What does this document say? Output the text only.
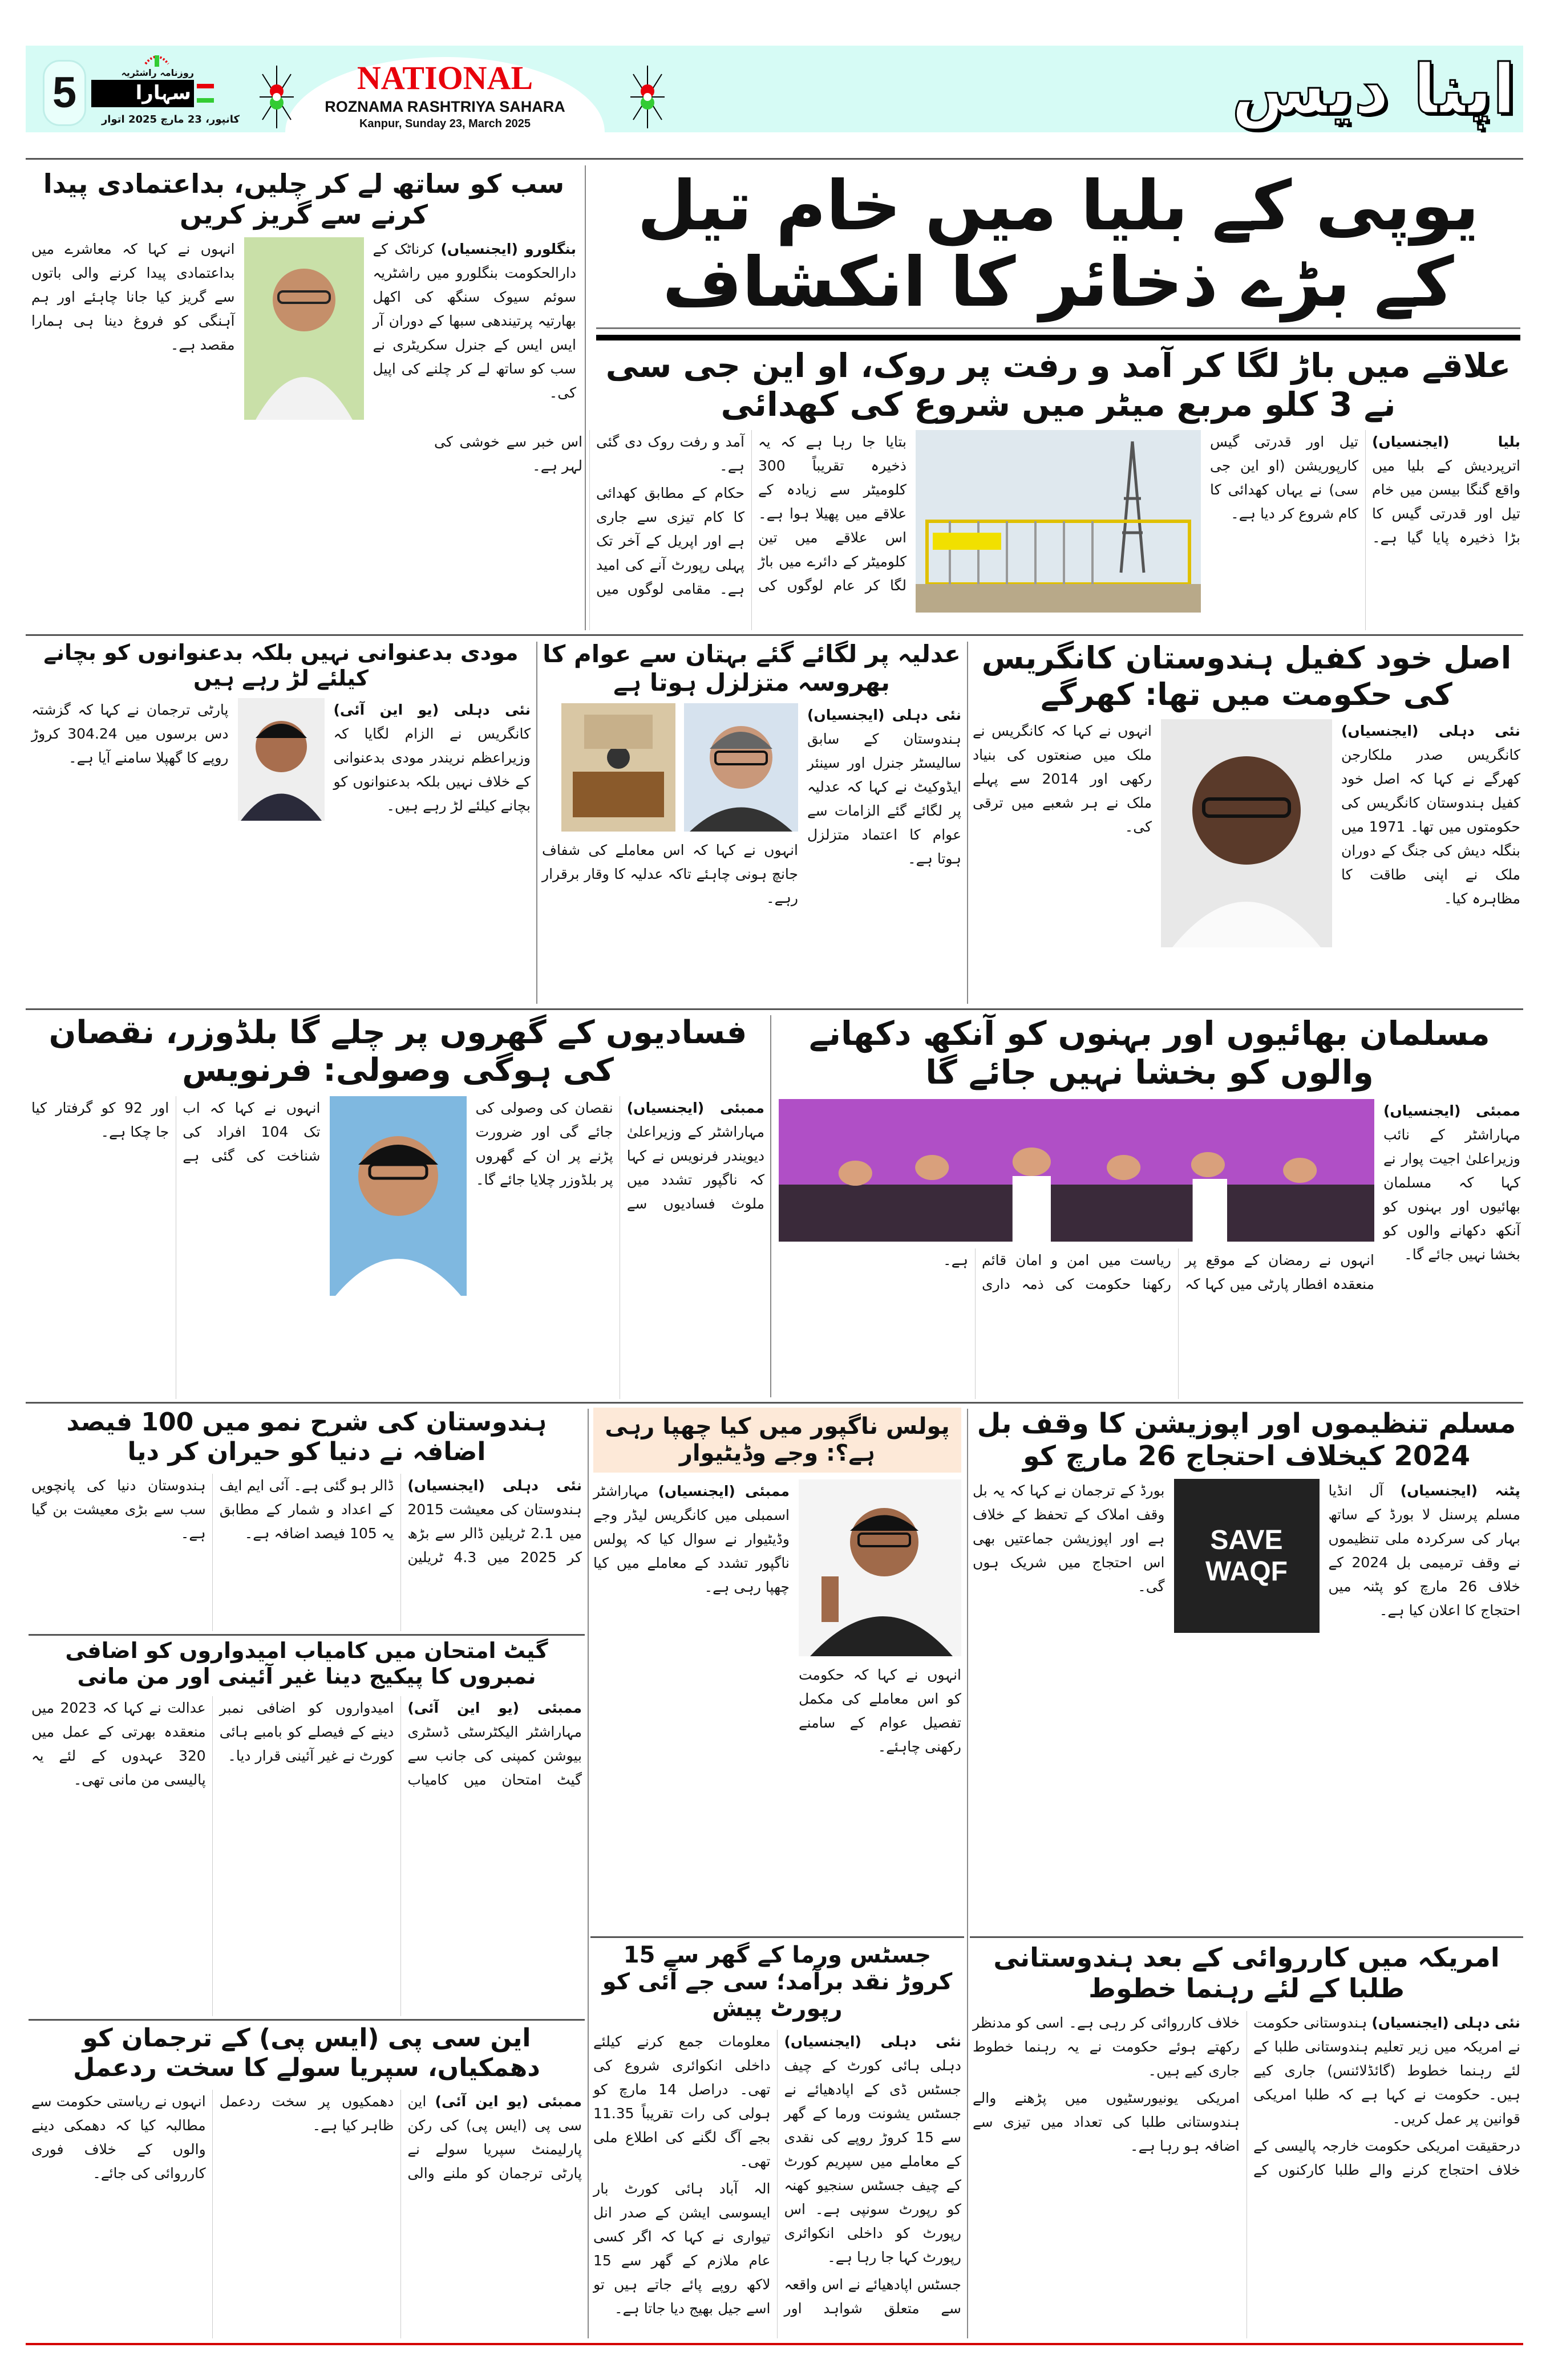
5	روزنامہ راشٹریہ
سہارا
کانپور، 23 مارچ 2025 اتوار
NATIONAL
ROZNAMA RASHTRIYA SAHARA
Kanpur, Sunday 23, March 2025	اپنا دیس
سب کو ساتھ لے کر چلیں، بداعتمادی پیدا کرنے سے گریز کریں

بنگلورو (ایجنسیاں) کرناٹک کے دارالحکومت بنگلورو میں راشٹریہ سوئم سیوک سنگھ کی اکھل بھارتیہ پرتیندھی سبھا کے دوران آر ایس ایس کے جنرل سکریٹری نے سب کو ساتھ لے کر چلنے کی اپیل کی۔

انہوں نے کہا کہ معاشرے میں بداعتمادی پیدا کرنے والی باتوں سے گریز کیا جانا چاہئے اور ہم آہنگی کو فروغ دینا ہی ہمارا مقصد ہے۔

یوپی کے بلیا میں خام تیل کے بڑے ذخائر کا انکشاف
علاقے میں باڑ لگا کر آمد و رفت پر روک، او این جی سی نے 3 کلو مربع میٹر میں شروع کی کھدائی

بلیا (ایجنسیاں) اترپردیش کے بلیا میں واقع گنگا بیسن میں خام تیل اور قدرتی گیس کا بڑا ذخیرہ پایا گیا ہے۔ تیل اور قدرتی گیس کارپوریشن (او این جی سی) نے یہاں کھدائی کا کام شروع کر دیا ہے۔

بتایا جا رہا ہے کہ یہ ذخیرہ تقریباً 300 کلومیٹر سے زیادہ کے علاقے میں پھیلا ہوا ہے۔ اس علاقے میں تین کلومیٹر کے دائرے میں باڑ لگا کر عام لوگوں کی آمد و رفت روک دی گئی ہے۔

حکام کے مطابق کھدائی کا کام تیزی سے جاری ہے اور اپریل کے آخر تک پہلی رپورٹ آنے کی امید ہے۔ مقامی لوگوں میں اس خبر سے خوشی کی لہر ہے۔

اصل خود کفیل ہندوستان کانگریس کی حکومت میں تھا: کھرگے

نئی دہلی (ایجنسیاں) کانگریس صدر ملکارجن کھرگے نے کہا کہ اصل خود کفیل ہندوستان کانگریس کی حکومتوں میں تھا۔ 1971 میں بنگلہ دیش کی جنگ کے دوران ملک نے اپنی طاقت کا مظاہرہ کیا۔

انہوں نے کہا کہ کانگریس نے ملک میں صنعتوں کی بنیاد رکھی اور 2014 سے پہلے ملک نے ہر شعبے میں ترقی کی۔

عدلیہ پر لگائے گئے بہتان سے عوام کا بھروسہ متزلزل ہوتا ہے

نئی دہلی (ایجنسیاں) ہندوستان کے سابق سالیسٹر جنرل اور سینئر ایڈوکیٹ نے کہا کہ عدلیہ پر لگائے گئے الزامات سے عوام کا اعتماد متزلزل ہوتا ہے۔

انہوں نے کہا کہ اس معاملے کی شفاف جانچ ہونی چاہئے تاکہ عدلیہ کا وقار برقرار رہے۔

مودی بدعنوانی نہیں بلکہ بدعنوانوں کو بچانے کیلئے لڑ رہے ہیں

نئی دہلی (یو این آئی) کانگریس نے الزام لگایا کہ وزیراعظم نریندر مودی بدعنوانی کے خلاف نہیں بلکہ بدعنوانوں کو بچانے کیلئے لڑ رہے ہیں۔

پارٹی ترجمان نے کہا کہ گزشتہ دس برسوں میں 304.24 کروڑ روپے کا گھپلا سامنے آیا ہے۔

مسلمان بھائیوں اور بہنوں کو آنکھ دکھانے والوں کو بخشا نہیں جائے گا

ممبئی (ایجنسیاں) مہاراشٹر کے نائب وزیراعلیٰ اجیت پوار نے کہا کہ مسلمان بھائیوں اور بہنوں کو آنکھ دکھانے والوں کو بخشا نہیں جائے گا۔

انہوں نے رمضان کے موقع پر منعقدہ افطار پارٹی میں کہا کہ ریاست میں امن و امان قائم رکھنا حکومت کی ذمہ داری ہے۔

فسادیوں کے گھروں پر چلے گا بلڈوزر، نقصان کی ہوگی وصولی: فرنویس

ممبئی (ایجنسیاں) مہاراشٹر کے وزیراعلیٰ دیویندر فرنویس نے کہا کہ ناگپور تشدد میں ملوث فسادیوں سے نقصان کی وصولی کی جائے گی اور ضرورت پڑنے پر ان کے گھروں پر بلڈوزر چلایا جائے گا۔

انہوں نے کہا کہ اب تک 104 افراد کی شناخت کی گئی ہے اور 92 کو گرفتار کیا جا چکا ہے۔

مسلم تنظیموں اور اپوزیشن کا وقف بل 2024 کیخلاف احتجاج 26 مارچ کو

پٹنہ (ایجنسیاں) آل انڈیا مسلم پرسنل لا بورڈ کے ساتھ بہار کی سرکردہ ملی تنظیموں نے وقف ترمیمی بل 2024 کے خلاف 26 مارچ کو پٹنہ میں احتجاج کا اعلان کیا ہے۔

SAVE WAQF

بورڈ کے ترجمان نے کہا کہ یہ بل وقف املاک کے تحفظ کے خلاف ہے اور اپوزیشن جماعتیں بھی اس احتجاج میں شریک ہوں گی۔

امریکہ میں کارروائی کے بعد ہندوستانی طلبا کے لئے رہنما خطوط

نئی دہلی (ایجنسیاں) ہندوستانی حکومت نے امریکہ میں زیر تعلیم ہندوستانی طلبا کے لئے رہنما خطوط (گائڈلائنس) جاری کیے ہیں۔ حکومت نے کہا ہے کہ طلبا امریکی قوانین پر عمل کریں۔

درحقیقت امریکی حکومت خارجہ پالیسی کے خلاف احتجاج کرنے والے طلبا کارکنوں کے خلاف کارروائی کر رہی ہے۔ اسی کو مدنظر رکھتے ہوئے حکومت نے یہ رہنما خطوط جاری کیے ہیں۔

امریکی یونیورسٹیوں میں پڑھنے والے ہندوستانی طلبا کی تعداد میں تیزی سے اضافہ ہو رہا ہے۔

پولس ناگپور میں کیا چھپا رہی ہے؟: وجے وڈیٹیوار

انہوں نے کہا کہ حکومت کو اس معاملے کی مکمل تفصیل عوام کے سامنے رکھنی چاہئے۔

ممبئی (ایجنسیاں) مہاراشٹر اسمبلی میں کانگریس لیڈر وجے وڈیٹیوار نے سوال کیا کہ پولس ناگپور تشدد کے معاملے میں کیا چھپا رہی ہے۔

جسٹس ورما کے گھر سے 15 کروڑ نقد برآمد؛ سی جے آئی کو رپورٹ پیش

نئی دہلی (ایجنسیاں) دہلی ہائی کورٹ کے چیف جسٹس ڈی کے اپادھیائے نے جسٹس یشونت ورما کے گھر سے 15 کروڑ روپے کی نقدی کے معاملے میں سپریم کورٹ کے چیف جسٹس سنجیو کھنہ کو رپورٹ سونپی ہے۔ اس رپورٹ کو داخلی انکوائری رپورٹ کہا جا رہا ہے۔

جسٹس اپادھیائے نے اس واقعہ سے متعلق شواہد اور معلومات جمع کرنے کیلئے داخلی انکوائری شروع کی تھی۔ دراصل 14 مارچ کو ہولی کی رات تقریباً 11.35 بجے آگ لگنے کی اطلاع ملی تھی۔

الہ آباد ہائی کورٹ بار ایسوسی ایشن کے صدر انل تیواری نے کہا کہ اگر کسی عام ملازم کے گھر سے 15 لاکھ روپے پائے جاتے ہیں تو اسے جیل بھیج دیا جاتا ہے۔

ہندوستان کی شرح نمو میں 100 فیصد اضافہ نے دنیا کو حیران کر دیا

نئی دہلی (ایجنسیاں) ہندوستان کی معیشت 2015 میں 2.1 ٹریلین ڈالر سے بڑھ کر 2025 میں 4.3 ٹریلین ڈالر ہو گئی ہے۔ آئی ایم ایف کے اعداد و شمار کے مطابق یہ 105 فیصد اضافہ ہے۔

ہندوستان دنیا کی پانچویں سب سے بڑی معیشت بن گیا ہے۔

گیٹ امتحان میں کامیاب امیدواروں کو اضافی نمبروں کا پیکیج دینا غیر آئینی اور من مانی

ممبئی (یو این آئی) مہاراشٹر الیکٹرسٹی ڈسٹری بیوشن کمپنی کی جانب سے گیٹ امتحان میں کامیاب امیدواروں کو اضافی نمبر دینے کے فیصلے کو بامبے ہائی کورٹ نے غیر آئینی قرار دیا۔

عدالت نے کہا کہ 2023 میں منعقدہ بھرتی کے عمل میں 320 عہدوں کے لئے یہ پالیسی من مانی تھی۔

این سی پی (ایس پی) کے ترجمان کو دھمکیاں، سپریا سولے کا سخت ردعمل

ممبئی (یو این آئی) این سی پی (ایس پی) کی رکن پارلیمنٹ سپریا سولے نے پارٹی ترجمان کو ملنے والی دھمکیوں پر سخت ردعمل ظاہر کیا ہے۔

انہوں نے ریاستی حکومت سے مطالبہ کیا کہ دھمکی دینے والوں کے خلاف فوری کارروائی کی جائے۔
